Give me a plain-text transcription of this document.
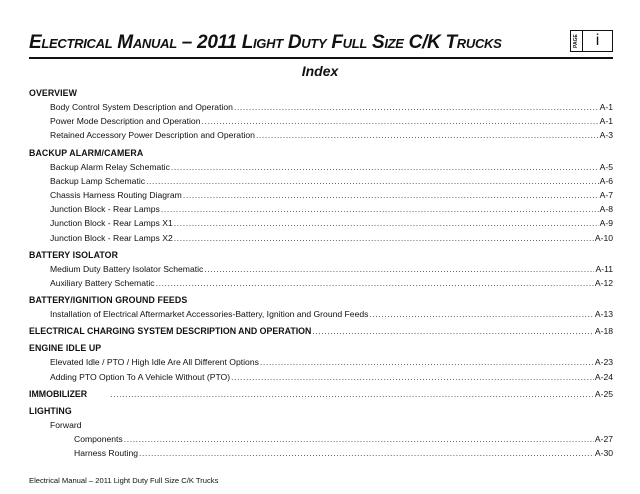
Electrical Manual – 2011 Light Duty Full Size C/K Trucks	PAGE	i
Index
OVERVIEW
Body Control System Description and Operation .....	A-1
Power Mode Description and Operation .....	A-1
Retained Accessory Power Description and Operation .....	A-3
BACKUP ALARM/CAMERA
Backup Alarm Relay Schematic .....	A-5
Backup Lamp Schematic .....	A-6
Chassis Harness Routing Diagram .....	A-7
Junction Block - Rear Lamps .....	A-8
Junction Block - Rear Lamps X1 .....	A-9
Junction Block - Rear Lamps X2 .....	A-10
BATTERY ISOLATOR
Medium Duty Battery Isolator Schematic .....	A-11
Auxiliary Battery Schematic .....	A-12
BATTERY/IGNITION GROUND FEEDS
Installation of Electrical Aftermarket Accessories-Battery, Ignition and Ground Feeds .....	A-13
ELECTRICAL CHARGING SYSTEM DESCRIPTION AND OPERATION .....	A-18
ENGINE IDLE UP
Elevated Idle / PTO / High Idle Are All Different Options .....	A-23
Adding PTO Option To A Vehicle Without (PTO) .....	A-24
IMMOBILIZER .....	A-25
LIGHTING
Forward
Components .....	A-27
Harness Routing .....	A-30
Electrical Manual – 2011 Light Duty Full Size C/K Trucks
